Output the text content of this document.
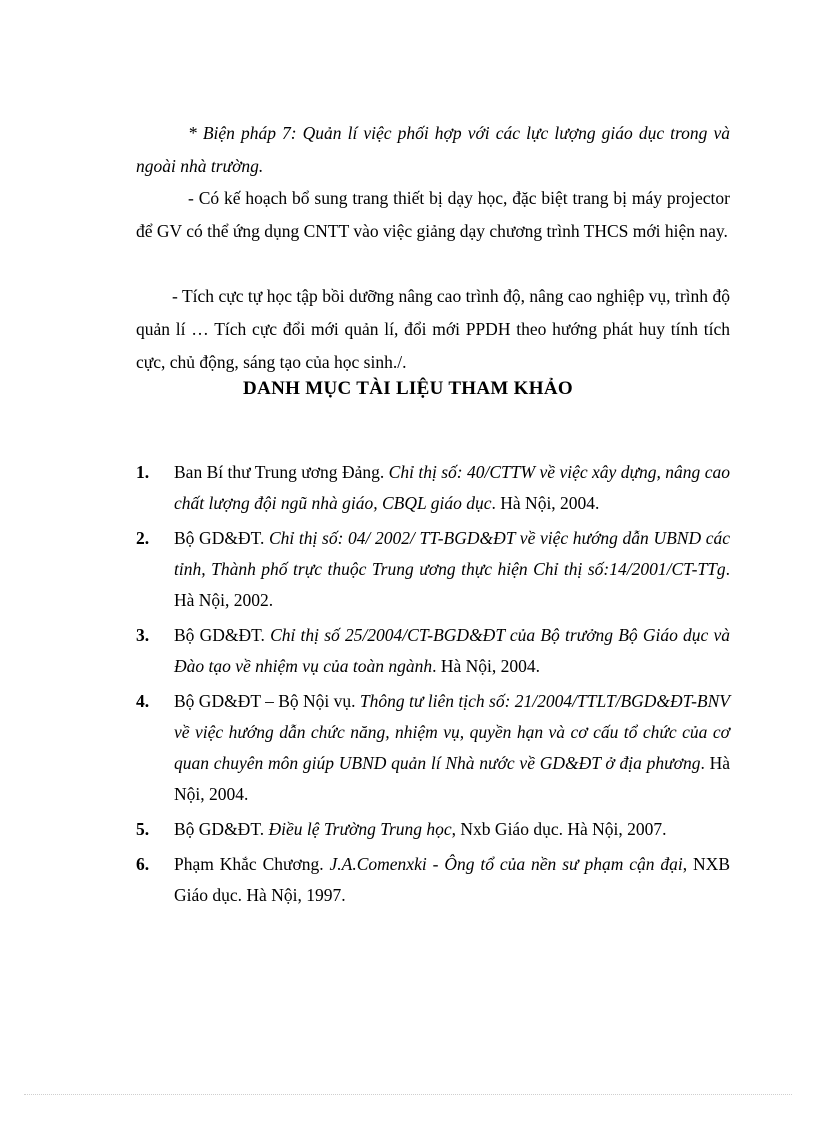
* Biện pháp 7: Quản lí việc phối hợp với các lực lượng giáo dục trong và ngoài nhà trường.

- Có kế hoạch bổ sung trang thiết bị dạy học, đặc biệt trang bị máy projector để GV có thể ứng dụng CNTT vào việc giảng dạy chương trình THCS mới hiện nay.

- Tích cực tự học tập bồi dưỡng nâng cao trình độ, nâng cao nghiệp vụ, trình độ quản lí … Tích cực đổi mới quản lí, đổi mới PPDH theo hướng phát huy tính tích cực, chủ động, sáng tạo của học sinh./.

DANH MỤC TÀI LIỆU THAM KHẢO
1. Ban Bí thư Trung ương Đảng. Chỉ thị số: 40/CTTW về việc xây dựng, nâng cao chất lượng đội ngũ nhà giáo, CBQL giáo dục. Hà Nội, 2004.
2. Bộ GD&ĐT. Chỉ thị số: 04/ 2002/ TT-BGD&ĐT về việc hướng dẫn UBND các tỉnh, Thành phố trực thuộc Trung ương thực hiện Chỉ thị số:14/2001/CT-TTg. Hà Nội, 2002.
3. Bộ GD&ĐT. Chỉ thị số 25/2004/CT-BGD&ĐT của Bộ trưởng Bộ Giáo dục và Đào tạo về nhiệm vụ của toàn ngành. Hà Nội, 2004.
4. Bộ GD&ĐT – Bộ Nội vụ. Thông tư liên tịch số: 21/2004/TTLT/BGD&ĐT-BNV về việc hướng dẫn chức năng, nhiệm vụ, quyền hạn và cơ cấu tổ chức của cơ quan chuyên môn giúp UBND quản lí Nhà nước về GD&ĐT ở địa phương. Hà Nội, 2004.
5. Bộ GD&ĐT. Điều lệ Trường Trung học, Nxb Giáo dục. Hà Nội, 2007.
6. Phạm Khắc Chương. J.A.Comenxki - Ông tổ của nền sư phạm cận đại, NXB Giáo dục. Hà Nội, 1997.
